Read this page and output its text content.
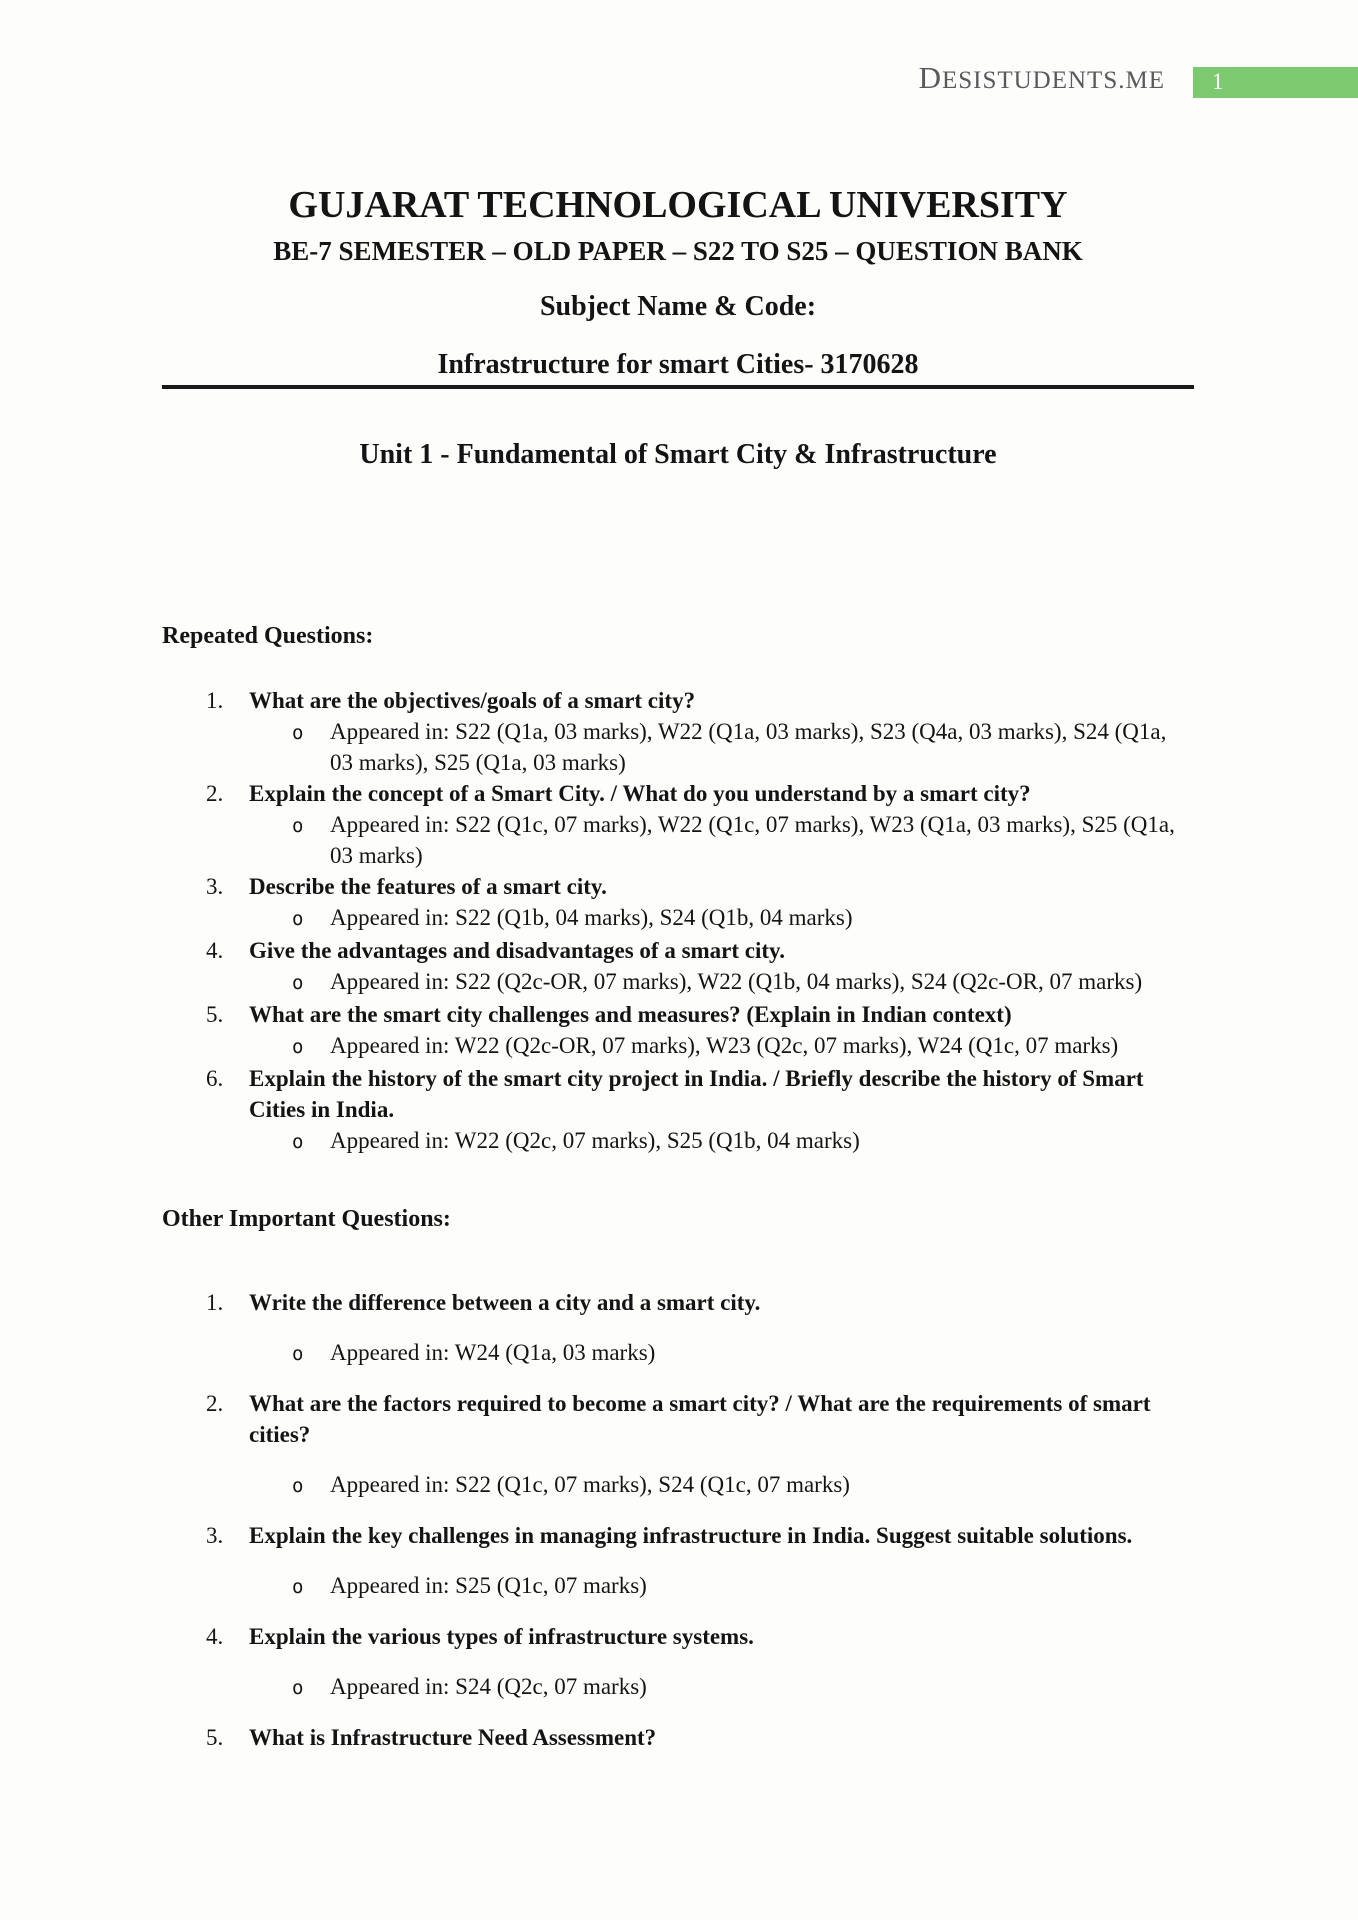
DESISTUDENTS.ME	1
GUJARAT TECHNOLOGICAL UNIVERSITY
BE-7 SEMESTER – OLD PAPER – S22 TO S25 – QUESTION BANK
Subject Name & Code:
Infrastructure for smart Cities- 3170628
Unit 1 - Fundamental of Smart City & Infrastructure
Repeated Questions:
1.	What are the objectives/goals of a smart city?
o	Appeared in: S22 (Q1a, 03 marks), W22 (Q1a, 03 marks), S23 (Q4a, 03 marks), S24 (Q1a, 03 marks), S25 (Q1a, 03 marks)
2.	Explain the concept of a Smart City. / What do you understand by a smart city?
o	Appeared in: S22 (Q1c, 07 marks), W22 (Q1c, 07 marks), W23 (Q1a, 03 marks), S25 (Q1a, 03 marks)
3.	Describe the features of a smart city.
o	Appeared in: S22 (Q1b, 04 marks), S24 (Q1b, 04 marks)
4.	Give the advantages and disadvantages of a smart city.
o	Appeared in: S22 (Q2c-OR, 07 marks), W22 (Q1b, 04 marks), S24 (Q2c-OR, 07 marks)
5.	What are the smart city challenges and measures? (Explain in Indian context)
o	Appeared in: W22 (Q2c-OR, 07 marks), W23 (Q2c, 07 marks), W24 (Q1c, 07 marks)
6.	Explain the history of the smart city project in India. / Briefly describe the history of Smart Cities in India.
o	Appeared in: W22 (Q2c, 07 marks), S25 (Q1b, 04 marks)
Other Important Questions:
1.	Write the difference between a city and a smart city.
o	Appeared in: W24 (Q1a, 03 marks)
2.	What are the factors required to become a smart city? / What are the requirements of smart cities?
o	Appeared in: S22 (Q1c, 07 marks), S24 (Q1c, 07 marks)
3.	Explain the key challenges in managing infrastructure in India. Suggest suitable solutions.
o	Appeared in: S25 (Q1c, 07 marks)
4.	Explain the various types of infrastructure systems.
o	Appeared in: S24 (Q2c, 07 marks)
5.	What is Infrastructure Need Assessment?
